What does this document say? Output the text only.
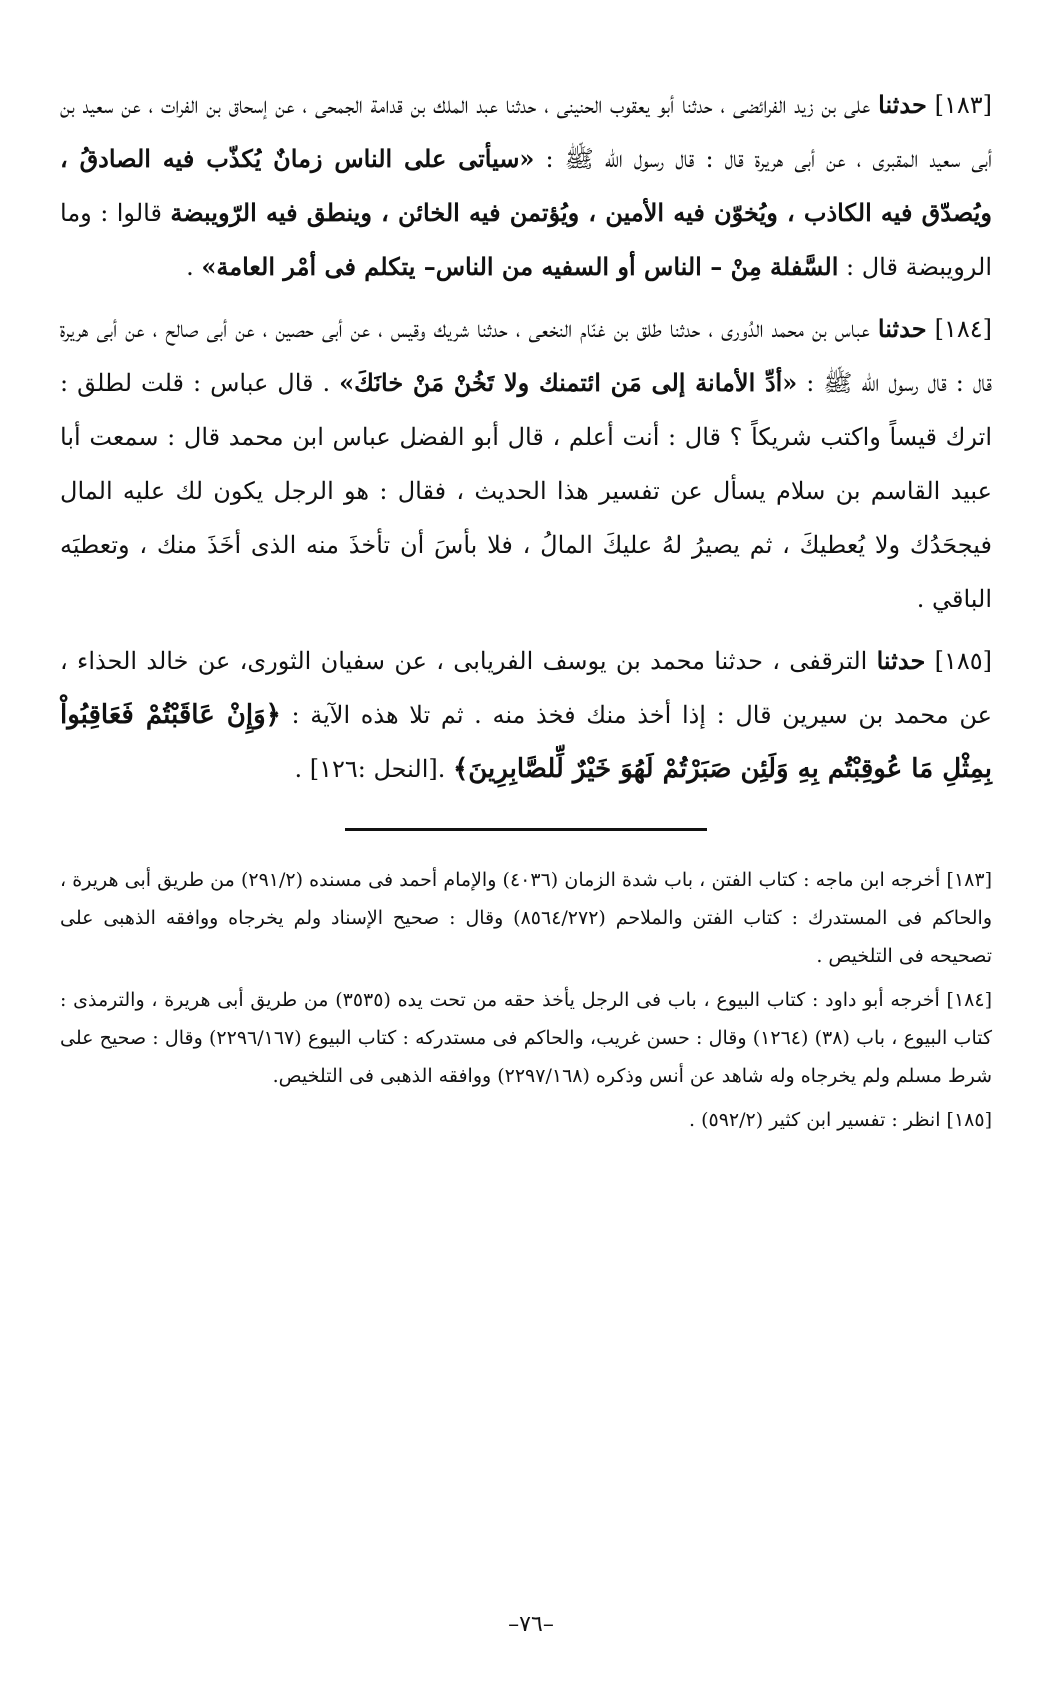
[١٨٣] حدثنا على بن زيد الفرائضى ، حدثنا أبو يعقوب الحنينى ، حدثنا عبد الملك بن قدامة الجمحى ، عن إسحاق بن الفرات ، عن سعيد بن أبى سعيد المقبرى ، عن أبى هريرة قال : قال رسول الله ﷺ : «سيأتى على الناس زمانٌ يُكذّب فيه الصادقُ ، ويُصدّق فيه الكاذب ، ويُخوّن فيه الأمين ، ويُؤتمن فيه الخائن ، وينطق فيه الرّويبضة قالوا : وما الرويبضة قال : السَّفلة مِنْ – الناس أو السفيه من الناس– يتكلم فى أمْر العامة» .

[١٨٤] حدثنا عباس بن محمد الدُورى ، حدثنا طلق بن غنّام النخعى ، حدثنا شريك وقيس ، عن أبى حصين ، عن أبى صالح ، عن أبى هريرة قال : قال رسول الله ﷺ : «أدِّ الأمانة إلى مَن ائتمنك ولا تَخُنْ مَنْ خانَكَ» . قال عباس : قلت لطلق : اترك قيساً واكتب شريكاً ؟ قال : أنت أعلم ، قال أبو الفضل عباس ابن محمد قال : سمعت أبا عبيد القاسم بن سلام يسأل عن تفسير هذا الحديث ، فقال : هو الرجل يكون لك عليه المال فيجحَدُك ولا يُعطيكَ ، ثم يصيرُ لهُ عليكَ المالُ ، فلا بأسَ أن تأخذَ منه الذى أخَذَ منك ، وتعطيَه الباقي .

[١٨٥] حدثنا الترقفى ، حدثنا محمد بن يوسف الفريابى ، عن سفيان الثورى، عن خالد الحذاء ، عن محمد بن سيرين قال : إذا أخذ منك فخذ منه . ثم تلا هذه الآية : ﴿وَإِنْ عَاقَبْتُمْ فَعَاقِبُواْ بِمِثْلِ مَا عُوقِبْتُم بِهِ وَلَئِن صَبَرْتُمْ لَهُوَ خَيْرٌ لِّلصَّابِرِينَ﴾ .[النحل :١٢٦] .

[١٨٣] أخرجه ابن ماجه : كتاب الفتن ، باب شدة الزمان (٤٠٣٦) والإمام أحمد فى مسنده (٢٩١/٢) من طريق أبى هريرة ، والحاكم فى المستدرك : كتاب الفتن والملاحم (٨٥٦٤/٢٧٢) وقال : صحيح الإسناد ولم يخرجاه ووافقه الذهبى على تصحيحه فى التلخيص .

[١٨٤] أخرجه أبو داود : كتاب البيوع ، باب فى الرجل يأخذ حقه من تحت يده (٣٥٣٥) من طريق أبى هريرة ، والترمذى : كتاب البيوع ، باب (٣٨) (١٢٦٤) وقال : حسن غريب، والحاكم فى مستدركه : كتاب البيوع (٢٢٩٦/١٦٧) وقال : صحيح على شرط مسلم ولم يخرجاه وله شاهد عن أنس وذكره (٢٢٩٧/١٦٨) ووافقه الذهبى فى التلخيص.

[١٨٥] انظر : تفسير ابن كثير (٥٩٢/٢) .

–٧٦–
